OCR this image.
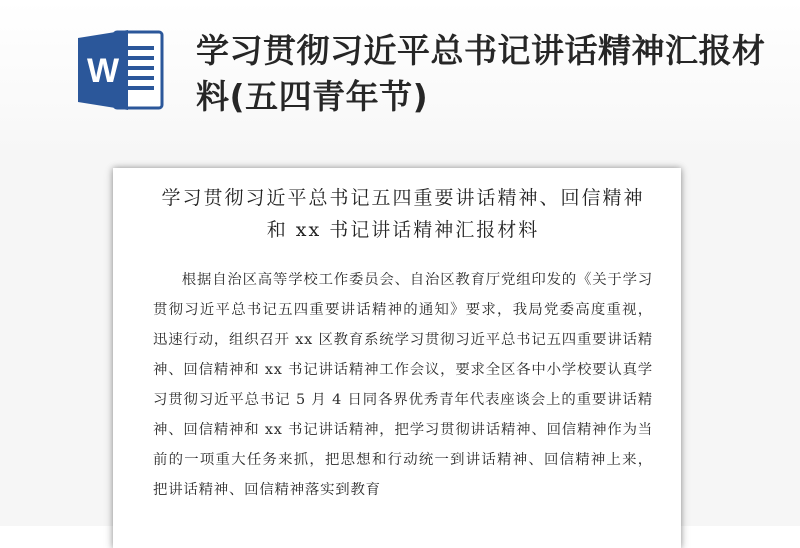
W
学习贯彻习近平总书记讲话精神汇报材料(五四青年节)
学习贯彻习近平总书记五四重要讲话精神、回信精神和 xx 书记讲话精神汇报材料
根据自治区高等学校工作委员会、自治区教育厅党组印发的《关于学习贯彻习近平总书记五四重要讲话精神的通知》要求，我局党委高度重视，迅速行动，组织召开 xx 区教育系统学习贯彻习近平总书记五四重要讲话精神、回信精神和 xx 书记讲话精神工作会议，要求全区各中小学校要认真学习贯彻习近平总书记 5 月 4 日同各界优秀青年代表座谈会上的重要讲话精神、回信精神和 xx 书记讲话精神，把学习贯彻讲话精神、回信精神作为当前的一项重大任务来抓，把思想和行动统一到讲话精神、回信精神上来，把讲话精神、回信精神落实到教育
